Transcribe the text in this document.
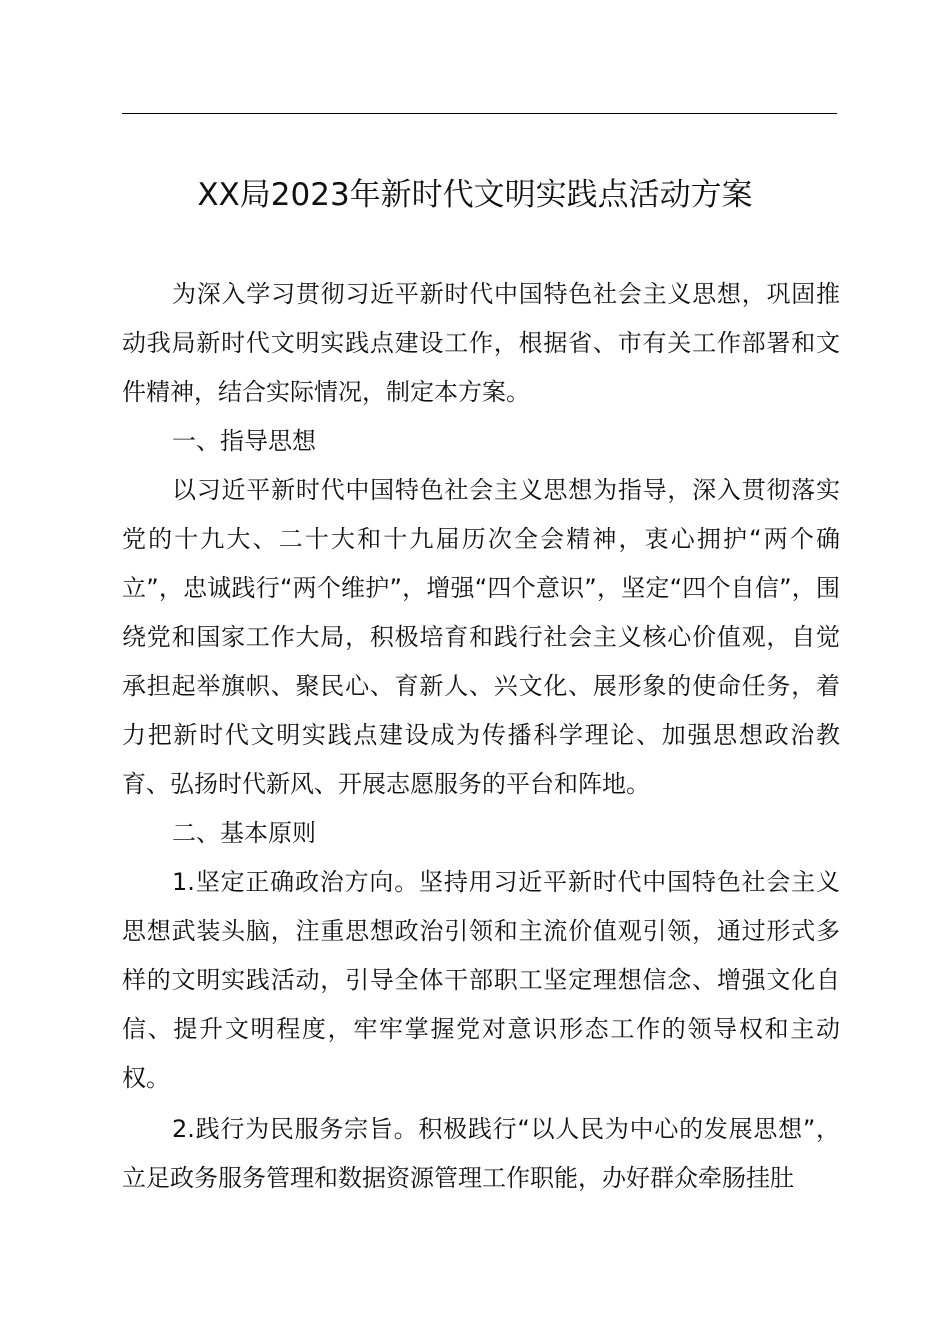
XX局2023年新时代文明实践点活动方案

为深入学习贯彻习近平新时代中国特色社会主义思想，巩固推动我局新时代文明实践点建设工作，根据省、市有关工作部署和文件精神，结合实际情况，制定本方案。

一、指导思想

以习近平新时代中国特色社会主义思想为指导，深入贯彻落实党的十九大、二十大和十九届历次全会精神，衷心拥护“两个确立”，忠诚践行“两个维护”，增强“四个意识”，坚定“四个自信”，围绕党和国家工作大局，积极培育和践行社会主义核心价值观，自觉承担起举旗帜、聚民心、育新人、兴文化、展形象的使命任务，着力把新时代文明实践点建设成为传播科学理论、加强思想政治教育、弘扬时代新风、开展志愿服务的平台和阵地。

二、基本原则

1.坚定正确政治方向。坚持用习近平新时代中国特色社会主义思想武装头脑，注重思想政治引领和主流价值观引领，通过形式多样的文明实践活动，引导全体干部职工坚定理想信念、增强文化自信、提升文明程度，牢牢掌握党对意识形态工作的领导权和主动权。

2.践行为民服务宗旨。积极践行“以人民为中心的发展思想”，立足政务服务管理和数据资源管理工作职能，办好群众牵肠挂肚
